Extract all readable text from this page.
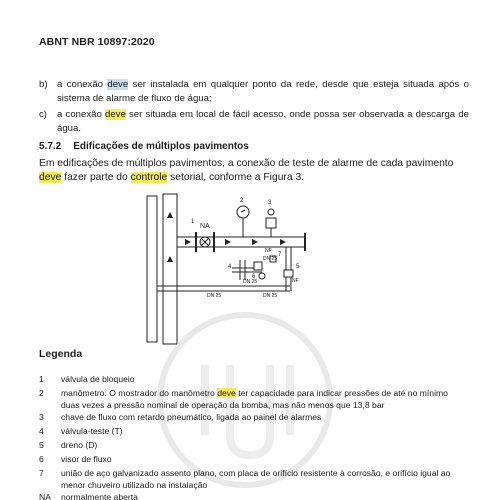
ABNT NBR 10897:2020
b) a conexão deve ser instalada em qualquer ponto da rede, desde que esteja situada após o sistema de alarme de fluxo de água;
c) a conexão deve ser situada em local de fácil acesso, onde possa ser observada a descarga de água.
5.7.2 Edificações de múltiplos pavimentos
Em edificações de múltiplos pavimentos, a conexão de teste de alarme de cada pavimento deve fazer parte do controle setorial, conforme a Figura 3.
NA
NF
NF
DN 25
DN 25
DN 25	DN 25
1
2	3
4	5
6
7
Legenda
1 válvula de bloqueio
2 manômetro: O mostrador do manômetro deve ter capacidade para indicar pressões de até no mínimo duas vezes a pressão nominal de operação da bomba, mas não menos que 13,8 bar
3 chave de fluxo com retardo pneumático, ligada ao painel de alarmes
4 válvula-teste (T)
5 dreno (D)
6 visor de fluxo
7 união de aço galvanizado assento plano, com placa de orifício resistente à corrosão, e orifício igual ao menor chuveiro utilizado na instalação
NA normalmente aberta
